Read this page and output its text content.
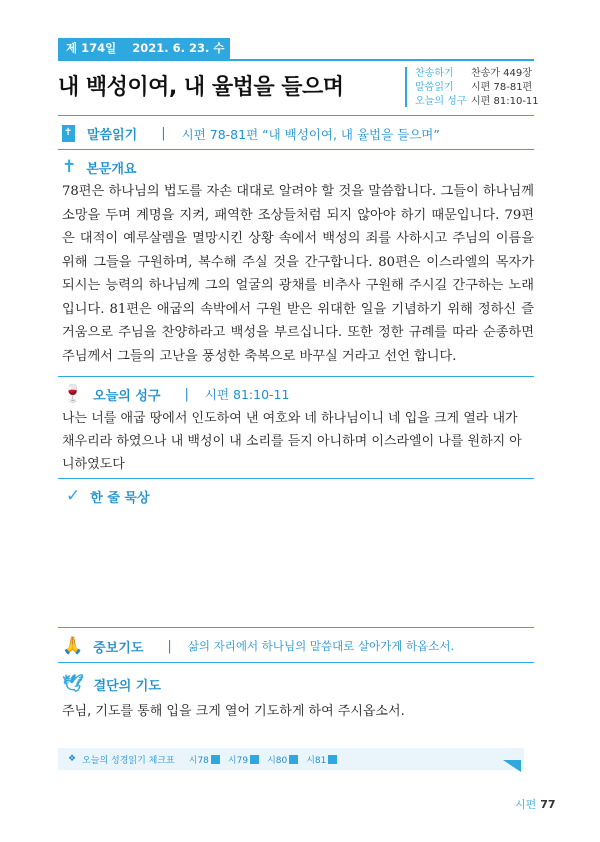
제 174일    2021. 6. 23. 수
내 백성이여, 내 율법을 들으며
찬송하기 찬송가 449장
말씀읽기 시편 78-81편
오늘의 성구 시편 81:10-11
✝
말씀읽기 | 시편 78-81편 “내 백성이여, 내 율법을 들으며”
✝ 본문개요
78편은 하나님의 법도를 자손 대대로 알려야 할 것을 말씀합니다. 그들이 하나님께 소망을 두며 계명을 지켜, 패역한 조상들처럼 되지 않아야 하기 때문입니다. 79편은 대적이 예루살렘을 멸망시킨 상황 속에서 백성의 죄를 사하시고 주님의 이름을 위해 그들을 구원하며, 복수해 주실 것을 간구합니다. 80편은 이스라엘의 목자가 되시는 능력의 하나님께 그의 얼굴의 광채를 비추사 구원해 주시길 간구하는 노래입니다. 81편은 애굽의 속박에서 구원 받은 위대한 일을 기념하기 위해 정하신 즐거움으로 주님을 찬양하라고 백성을 부르십니다. 또한 정한 규례를 따라 순종하면 주님께서 그들의 고난을 풍성한 축복으로 바꾸실 거라고 선언 합니다.
🍷 오늘의 성구 | 시편 81:10-11
나는 너를 애굽 땅에서 인도하여 낸 여호와 네 하나님이니 네 입을 크게 열라 내가 채우리라 하였으나 내 백성이 내 소리를 듣지 아니하며 이스라엘이 나를 원하지 아니하였도다
✓ 한 줄 묵상
🙏 중보기도 | 삶의 자리에서 하나님의 말씀대로 살아가게 하옵소서.
🕊 결단의 기도
주님, 기도를 통해 입을 크게 열어 기도하게 하여 주시옵소서.
❖ 오늘의 성경읽기 체크표 시78 시79 시80 시81
시편 77
